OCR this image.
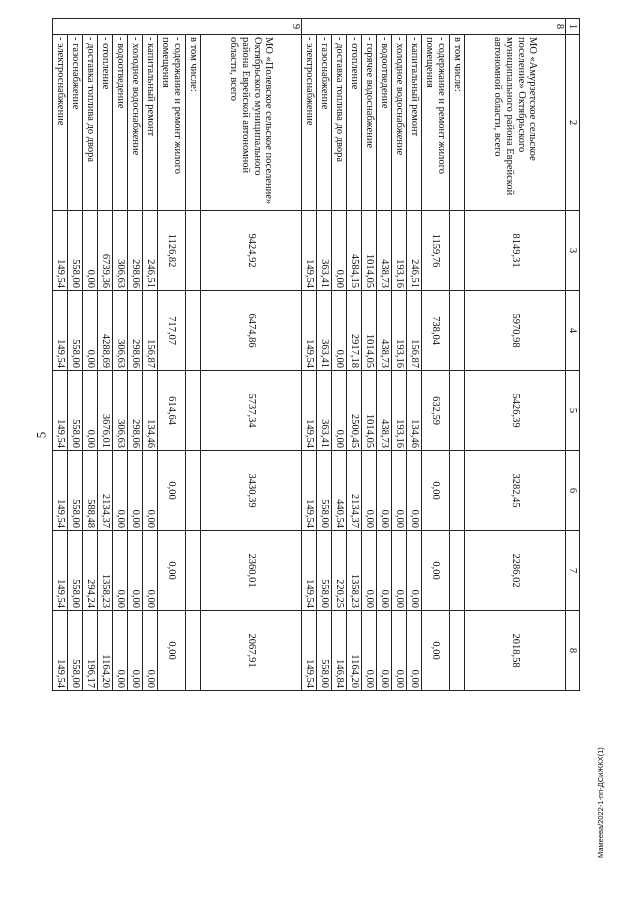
5
1	2	3	4	5	6	7	8
8	МО «Амурзетское сельское поселение» Октябрьского муниципального района Еврейской автономной области, всего	8149,31	5970,98	5426,39	3282,45	2286,02	2018,58
	в том числе:						
	- содержание и ремонт жилого помещения	1159,76	738,04	632,59	0,00	0,00	0,00
	- капитальный ремонт	246,51	156,87	134,46	0,00	0,00	0,00
	- холодное водоснабжение	193,16	193,16	193,16	0,00	0,00	0,00
	- водоотведение	438,73	438,73	438,73	0,00	0,00	0,00
	- горячее водоснабжение	1014,05	1014,05	1014,05	0,00	0,00	0,00
	- отопление	4584,15	2917,18	2500,45	2134,37	1358,23	1164,20
	- доставка топлива до двора	0,00	0,00	0,00	440,54	220,25	146,84
	- газоснабжение	363,41	363,41	363,41	558,00	558,00	558,00
	- электроснабжение	149,54	149,54	149,54	149,54	149,54	149,54
9	МО «Полевское сельское поселение» Октябрьского муниципального района Еврейской автономной области, всего	9424,92	6474,86	5737,34	3430,39	2360,01	2067,91
	в том числе:						
	- содержание и ремонт жилого помещения	1126,82	717,07	614,64	0,00	0,00	0,00
	- капитальный ремонт	246,51	156,87	134,46	0,00	0,00	0,00
	- холодное водоснабжение	298,06	298,06	298,06	0,00	0,00	0,00
	- водоотведение	306,63	306,63	306,63	0,00	0,00	0,00
	- отопление	6739,36	4288,69	3676,01	2134,37	1358,23	1164,20
	- доставка топлива до двора	0,00	0,00	0,00	588,48	294,24	196,17
	- газоснабжение	558,00	558,00	558,00	558,00	558,00	558,00
	- электроснабжение	149,54	149,54	149,54	149,54	149,54	149,54
Мамеева/2022-1-пп-ДСиЖКХ(1)
